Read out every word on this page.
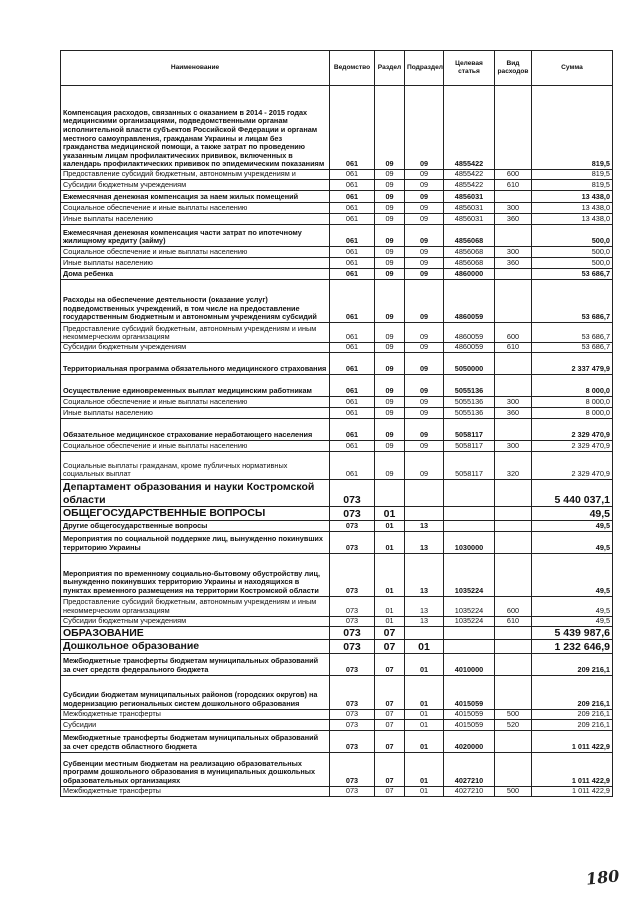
Наименование	Ведомство	Раздел	Подраздел	Целевая статья	Вид расходов	Сумма
Компенсация расходов, связанных с оказанием в 2014 - 2015 годах медицинскими организациями, подведомственными органам исполнительной власти субъектов Российской Федерации и органам местного самоуправления, гражданам Украины и лицам без гражданства медицинской помощи, а также затрат по проведению указанным лицам профилактических прививок, включенных в календарь профилактических прививок по эпидемическим показаниям	061	09	09	4855422		819,5
Предоставление субсидий бюджетным, автономным учреждениям и	061	09	09	4855422	600	819,5
Субсидии бюджетным учреждениям	061	09	09	4855422	610	819,5
Ежемесячная денежная компенсация за наем жилых помещений	061	09	09	4856031		13 438,0
Социальное обеспечение и иные выплаты населению	061	09	09	4856031	300	13 438,0
Иные выплаты населению	061	09	09	4856031	360	13 438,0
Ежемесячная денежная компенсация части затрат по ипотечному жилищному кредиту (займу)	061	09	09	4856068		500,0
Социальное обеспечение и иные выплаты населению	061	09	09	4856068	300	500,0
Иные выплаты населению	061	09	09	4856068	360	500,0
Дома ребенка	061	09	09	4860000		53 686,7
Расходы на обеспечение деятельности (оказание услуг) подведомственных учреждений, в том числе на предоставление государственным бюджетным и автономным учреждениям субсидий	061	09	09	4860059		53 686,7
Предоставление субсидий бюджетным, автономным учреждениям и иным некоммерческим организациям	061	09	09	4860059	600	53 686,7
Субсидии бюджетным учреждениям	061	09	09	4860059	610	53 686,7
Территориальная программа обязательного медицинского страхования	061	09	09	5050000		2 337 479,9
Осуществление единовременных выплат медицинским работникам	061	09	09	5055136		8 000,0
Социальное обеспечение и иные выплаты населению	061	09	09	5055136	300	8 000,0
Иные выплаты населению	061	09	09	5055136	360	8 000,0
Обязательное медицинское страхование неработающего населения	061	09	09	5058117		2 329 470,9
Социальное обеспечение и иные выплаты населению	061	09	09	5058117	300	2 329 470,9
Социальные выплаты гражданам, кроме публичных нормативных социальных выплат	061	09	09	5058117	320	2 329 470,9
Департамент образования и науки Костромской области	073					5 440 037,1
ОБЩЕГОСУДАРСТВЕННЫЕ ВОПРОСЫ	073	01				49,5
Другие общегосударственные вопросы	073	01	13			49,5
Мероприятия по социальной поддержке лиц, вынужденно покинувших территорию Украины	073	01	13	1030000		49,5
Мероприятия по временному социально-бытовому обустройству лиц, вынужденно покинувших территорию Украины и находящихся в пунктах временного размещения на территории Костромской области	073	01	13	1035224		49,5
Предоставление субсидий бюджетным, автономным учреждениям и иным некоммерческим организациям	073	01	13	1035224	600	49,5
Субсидии бюджетным учреждениям	073	01	13	1035224	610	49,5
ОБРАЗОВАНИЕ	073	07				5 439 987,6
Дошкольное образование	073	07	01			1 232 646,9
Межбюджетные трансферты бюджетам муниципальных образований за счет средств федерального бюджета	073	07	01	4010000		209 216,1
Субсидии бюджетам муниципальных районов (городских округов) на модернизацию региональных систем дошкольного образования	073	07	01	4015059		209 216,1
Межбюджетные трансферты	073	07	01	4015059	500	209 216,1
Субсидии	073	07	01	4015059	520	209 216,1
Межбюджетные трансферты бюджетам муниципальных образований за счет средств областного бюджета	073	07	01	4020000		1 011 422,9
Субвенции местным бюджетам на реализацию образовательных программ дошкольного образования в муниципальных дошкольных образовательных организациях	073	07	01	4027210		1 011 422,9
Межбюджетные трансферты	073	07	01	4027210	500	1 011 422,9
180
